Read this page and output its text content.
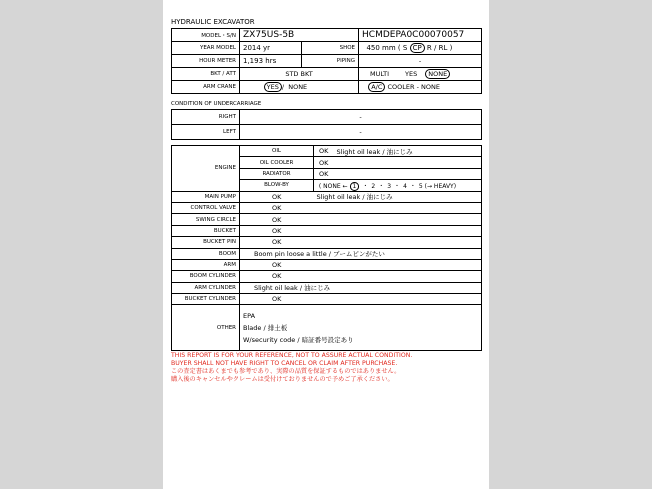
HYDRAULIC EXCAVATOR
MODEL・S/N	ZX75US-5B		HCMDEPA0C00070057
YEAR MODEL	2014 yr	SHOE	450 mm ( S CP R / RL )
HOUR METER	1,193 hrs	PIPING	-
BKT / ATT	STD BKT		MULTI YES NONE
ARM CRANE	YES /  NONE		A/C COOLER - NONE
CONDITION OF UNDERCARRIAGE
RIGHT	-
LEFT	-
ENGINE	OIL	OK	Slight oil leak / 油にじみ
	OIL COOLER	OK	
	RADIATOR	OK	
	BLOW-BY	( NONE ← 1 ・ 2 ・ 3 ・ 4 ・ 5 (→ HEAVY)	
MAIN PUMP	OK	Slight oil leak / 油にじみ	
CONTROL VALVE	OK		
SWING CIRCLE	OK		
BUCKET	OK		
BUCKET PIN	OK		
BOOM	Boom pin loose a little / ブームピンがたい		
ARM	OK		
BOOM CYLINDER	OK		
ARM CYLINDER	Slight oil leak / 油にじみ		
BUCKET CYLINDER	OK		
OTHER	EPA
Blade / 排土板
W/security code / 暗証番号設定あり		
THIS REPORT IS FOR YOUR REFERENCE, NOT TO ASSURE ACTUAL CONDITION.
BUYER SHALL NOT HAVE RIGHT TO CANCEL OR CLAIM AFTER PURCHASE.
この査定書はあくまでも参考であり、実際の品質を保証するものではありません。
購入後のキャンセルやクレームは受付けておりませんので予めご了承ください。
